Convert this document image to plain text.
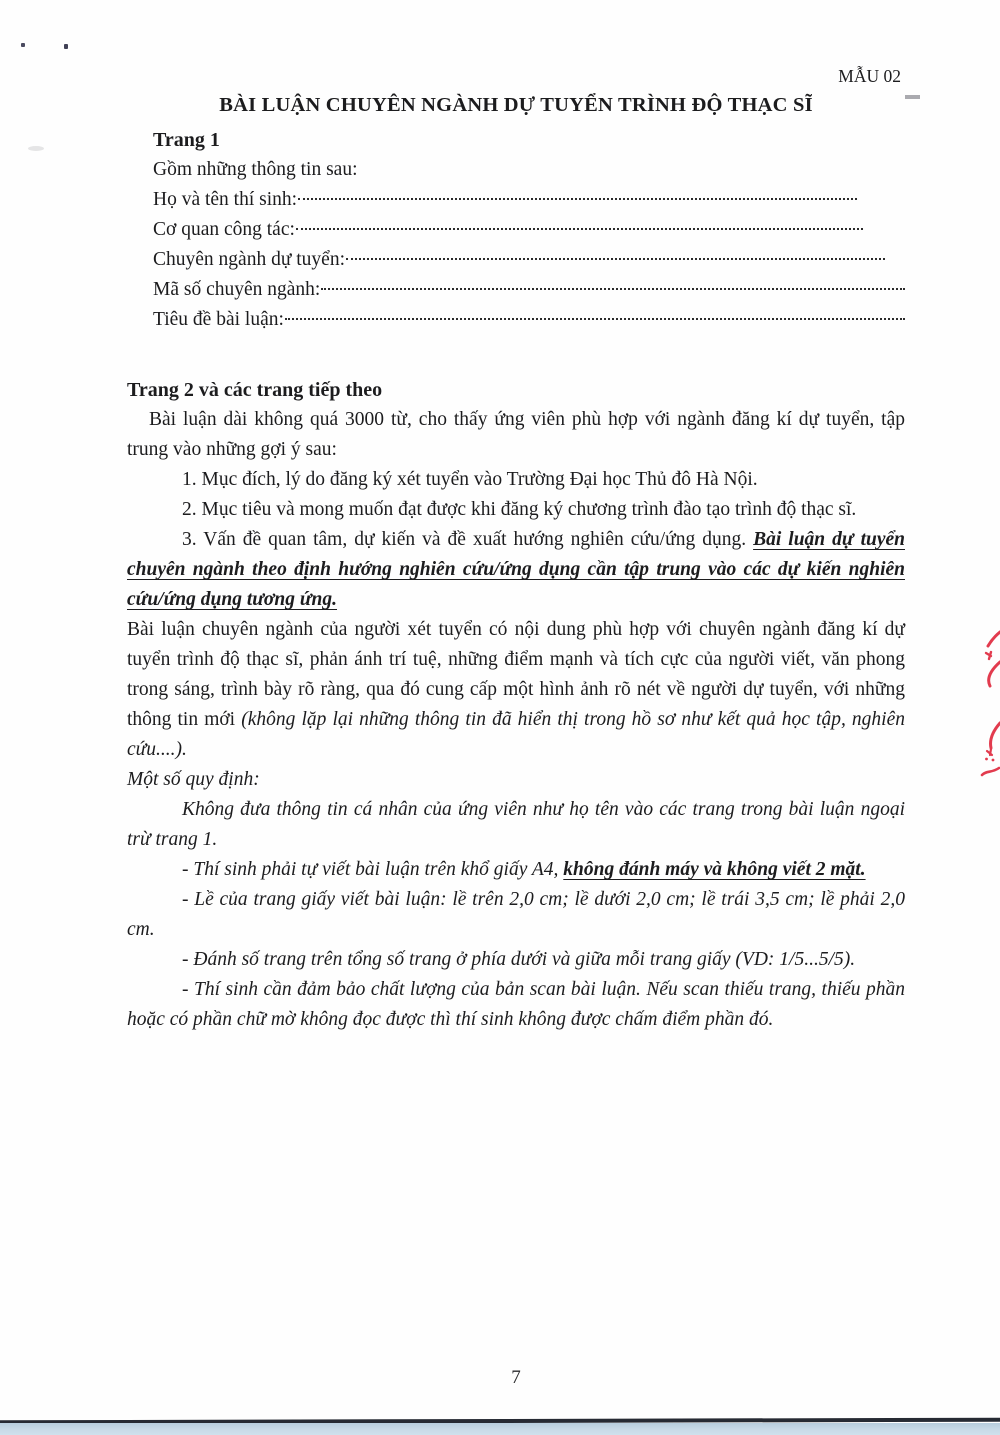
MẪU 02
BÀI LUẬN CHUYÊN NGÀNH DỰ TUYỂN TRÌNH ĐỘ THẠC SĨ
Trang 1
Gồm những thông tin sau:
Họ và tên thí sinh:
Cơ quan công tác:
Chuyên ngành dự tuyển:
Mã số chuyên ngành:
Tiêu đề bài luận:
Trang 2 và các trang tiếp theo

Bài luận dài không quá 3000 từ, cho thấy ứng viên phù hợp với ngành đăng kí dự tuyển, tập trung vào những gợi ý sau:

1. Mục đích, lý do đăng ký xét tuyển vào Trường Đại học Thủ đô Hà Nội.

2. Mục tiêu và mong muốn đạt được khi đăng ký chương trình đào tạo trình độ thạc sĩ.

3. Vấn đề quan tâm, dự kiến và đề xuất hướng nghiên cứu/ứng dụng. Bài luận dự tuyển chuyên ngành theo định hướng nghiên cứu/ứng dụng cần tập trung vào các dự kiến nghiên cứu/ứng dụng tương ứng.

Bài luận chuyên ngành của người xét tuyển có nội dung phù hợp với chuyên ngành đăng kí dự tuyển trình độ thạc sĩ, phản ánh trí tuệ, những điểm mạnh và tích cực của người viết, văn phong trong sáng, trình bày rõ ràng, qua đó cung cấp một hình ảnh rõ nét về người dự tuyển, với những thông tin mới (không lặp lại những thông tin đã hiển thị trong hồ sơ như kết quả học tập, nghiên cứu....).

Một số quy định:

Không đưa thông tin cá nhân của ứng viên như họ tên vào các trang trong bài luận ngoại trừ trang 1.

- Thí sinh phải tự viết bài luận trên khổ giấy A4, không đánh máy và không viết 2 mặt.

- Lề của trang giấy viết bài luận: lề trên 2,0 cm; lề dưới 2,0 cm; lề trái 3,5 cm; lề phải 2,0 cm.

- Đánh số trang trên tổng số trang ở phía dưới và giữa mỗi trang giấy (VD: 1/5...5/5).

- Thí sinh cần đảm bảo chất lượng của bản scan bài luận. Nếu scan thiếu trang, thiếu phần hoặc có phần chữ mờ không đọc được thì thí sinh không được chấm điểm phần đó.

7
